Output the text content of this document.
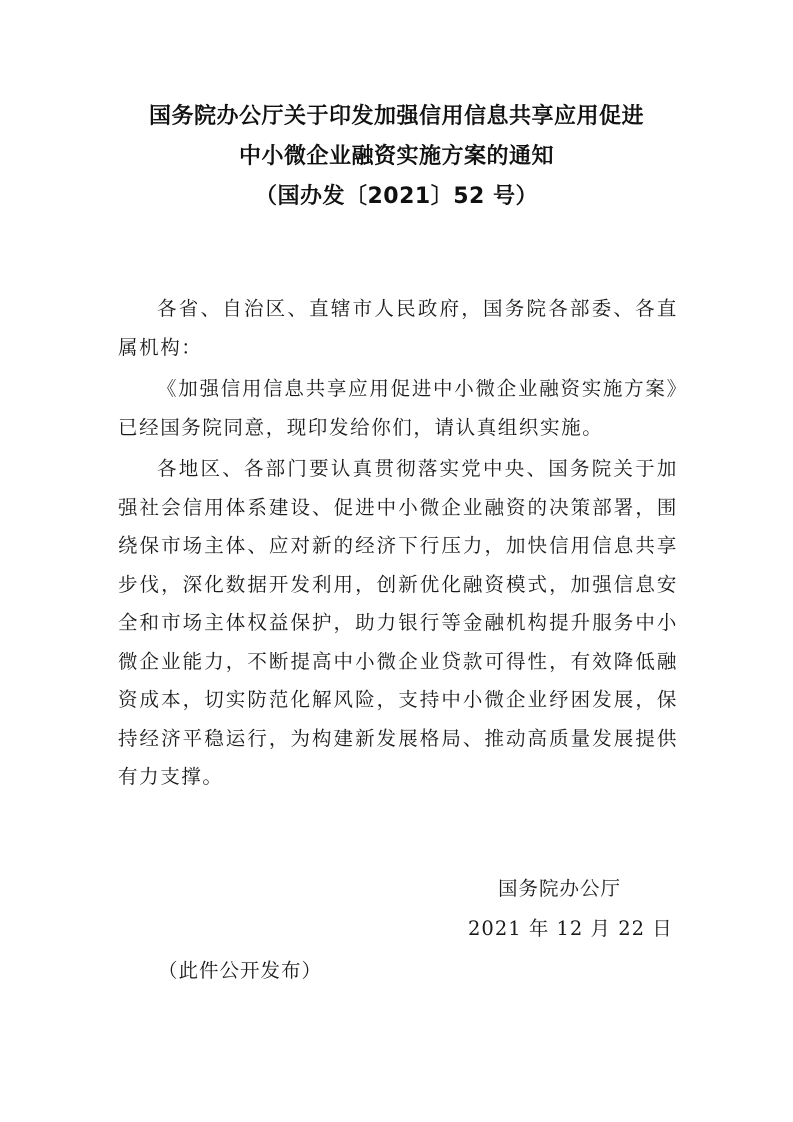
国务院办公厅关于印发加强信用信息共享应用促进
中小微企业融资实施方案的通知
（国办发〔2021〕52 号）
各省、自治区、直辖市人民政府，国务院各部委、各直属机构：
《加强信用信息共享应用促进中小微企业融资实施方案》已经国务院同意，现印发给你们，请认真组织实施。
各地区、各部门要认真贯彻落实党中央、国务院关于加强社会信用体系建设、促进中小微企业融资的决策部署，围绕保市场主体、应对新的经济下行压力，加快信用信息共享步伐，深化数据开发利用，创新优化融资模式，加强信息安全和市场主体权益保护，助力银行等金融机构提升服务中小微企业能力，不断提高中小微企业贷款可得性，有效降低融资成本，切实防范化解风险，支持中小微企业纾困发展，保持经济平稳运行，为构建新发展格局、推动高质量发展提供有力支撑。
国务院办公厅
2021 年 12 月 22 日
（此件公开发布）
